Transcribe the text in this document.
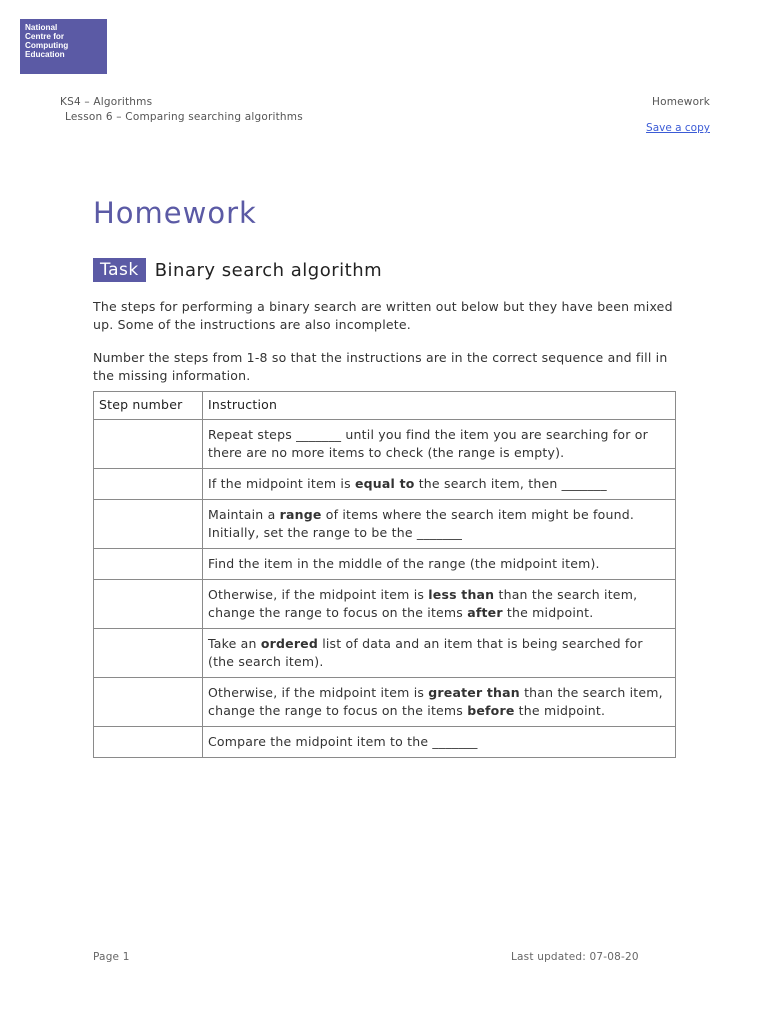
National
Centre for
Computing
Education
KS4 – Algorithms
Lesson 6 – Comparing searching algorithms
Homework
Save a copy
Homework
Task Binary search algorithm

The steps for performing a binary search are written out below but they have been mixed up. Some of the instructions are also incomplete.

Number the steps from 1-8 so that the instructions are in the correct sequence and fill in the missing information.

Step number	Instruction
	Repeat steps _______ until you find the item you are searching for or there are no more items to check (the range is empty).
	If the midpoint item is equal to the search item, then _______
	Maintain a range of items where the search item might be found. Initially, set the range to be the _______
	Find the item in the middle of the range (the midpoint item).
	Otherwise, if the midpoint item is less than than the search item, change the range to focus on the items after the midpoint.
	Take an ordered list of data and an item that is being searched for (the search item).
	Otherwise, if the midpoint item is greater than than the search item, change the range to focus on the items before the midpoint.
	Compare the midpoint item to the _______
Page 1	Last updated: 07-08-20
